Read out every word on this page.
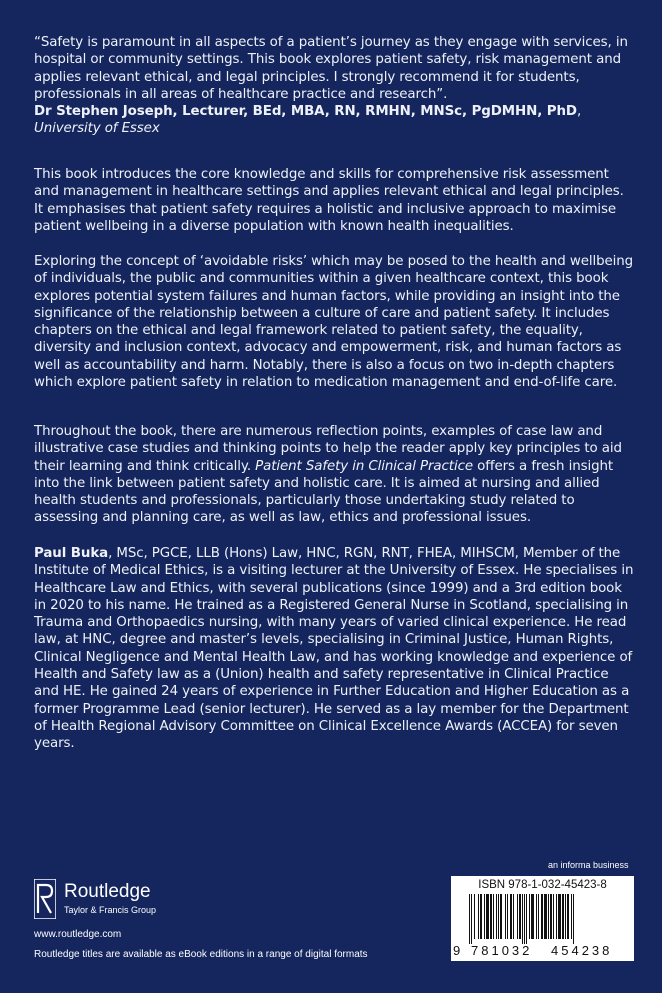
“Safety is paramount in all aspects of a patient’s journey as they engage with services, in hospital or community settings. This book explores patient safety, risk management and applies relevant ethical, and legal principles. I strongly recommend it for students, professionals in all areas of healthcare practice and research”.

Dr Stephen Joseph, Lecturer, BEd, MBA, RN, RMHN, MNSc, PgDMHN, PhD, University of Essex

This book introduces the core knowledge and skills for comprehensive risk assessment and management in healthcare settings and applies relevant ethical and legal principles. It emphasises that patient safety requires a holistic and inclusive approach to maximise patient wellbeing in a diverse population with known health inequalities.

Exploring the concept of ‘avoidable risks’ which may be posed to the health and wellbeing of individuals, the public and communities within a given healthcare context, this book explores potential system failures and human factors, while providing an insight into the significance of the relationship between a culture of care and patient safety. It includes chapters on the ethical and legal framework related to patient safety, the equality, diversity and inclusion context, advocacy and empowerment, risk, and human factors as well as accountability and harm. Notably, there is also a focus on two in-depth chapters which explore patient safety in relation to medication management and end-of-life care.

Throughout the book, there are numerous reflection points, examples of case law and illustrative case studies and thinking points to help the reader apply key principles to aid their learning and think critically. Patient Safety in Clinical Practice offers a fresh insight into the link between patient safety and holistic care. It is aimed at nursing and allied health students and professionals, particularly those undertaking study related to assessing and planning care, as well as law, ethics and professional issues.

Paul Buka, MSc, PGCE, LLB (Hons) Law, HNC, RGN, RNT, FHEA, MIHSCM, Member of the Institute of Medical Ethics, is a visiting lecturer at the University of Essex. He specialises in Healthcare Law and Ethics, with several publications (since 1999) and a 3rd edition book in 2020 to his name. He trained as a Registered General Nurse in Scotland, specialising in Trauma and Orthopaedics nursing, with many years of varied clinical experience. He read law, at HNC, degree and master’s levels, specialising in Criminal Justice, Human Rights, Clinical Negligence and Mental Health Law, and has working knowledge and experience of Health and Safety law as a (Union) health and safety representative in Clinical Practice and HE. He gained 24 years of experience in Further Education and Higher Education as a former Programme Lead (senior lecturer). He served as a lay member for the Department of Health Regional Advisory Committee on Clinical Excellence Awards (ACCEA) for seven years.

Routledge
Taylor & Francis Group
www.routledge.com
Routledge titles are available as eBook editions in a range of digital formats
an informa business
ISBN 978-1-032-45423-8
9 781032 454238
